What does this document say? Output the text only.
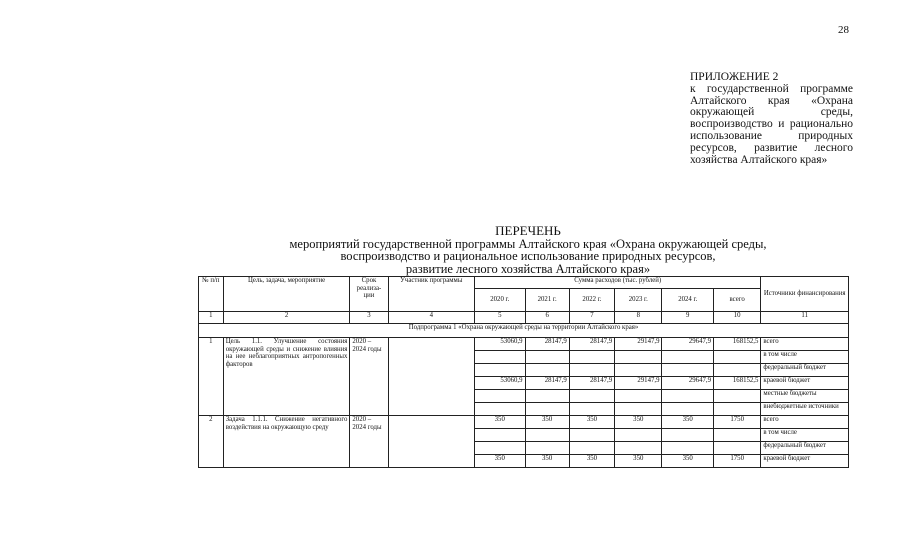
28
ПРИЛОЖЕНИЕ 2
к государственной программе Алтайского края «Охрана окружающей среды, воспроизводство и рационально использование природных ресурсов, развитие лесного хозяйства Алтайского края»
ПЕРЕЧЕНЬ
мероприятий государственной программы Алтайского края «Охрана окружающей среды,
воспроизводство и рациональное использование природных ресурсов,
развитие лесного хозяйства Алтайского края»
№ п/п	Цель, задача, мероприятие	Срок реализа- ции	Участник программы	Сумма расходов (тыс. рублей)						Источники финансирования
				2020 г.	2021 г.	2022 г.	2023 г.	2024 г.	всего	
1	2	3	4	5	6	7	8	9	10	11
Подпрограмма 1 «Охрана окружающей среды на территории Алтайского края»										
1	Цель 1.1. Улучшение состояния окружающей среды и снижение влияния на нее неблагоприятных антропогенных факторов	2020 – 2024 годы		53060,9	28147,9	28147,9	29147,9	29647,9	168152,5	всего
										в том числе
										федеральный бюджет
				53060,9	28147,9	28147,9	29147,9	29647,9	168152,5	краевой бюджет
										местные бюджеты
										внебюджетные источники
2	Задача 1.1.1. Снижение негативного воздействия на окружающую среду	2020 – 2024 годы		350	350	350	350	350	1750	всего
										в том числе
										федеральный бюджет
				350	350	350	350	350	1750	краевой бюджет
